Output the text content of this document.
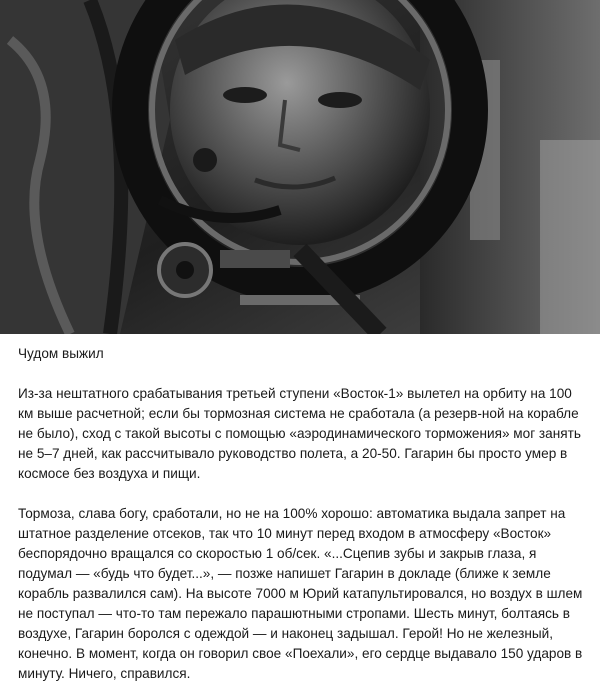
Чудом выжил

Из-за нештатного срабатывания третьей ступени «Восток-1» вылетел на орбиту на 100 км выше расчетной; если бы тормозная система не сработала (а резерв-ной на корабле не было), сход с такой высоты с помощью «аэродинамического торможения» мог занять не 5–7 дней, как рассчитывало руководство полета, а 20-50. Гагарин бы просто умер в космосе без воздуха и пищи.

Тормоза, слава богу, сработали, но не на 100% хорошо: автоматика выдала запрет на штатное разделение отсеков, так что 10 минут перед входом в атмосферу «Восток» беспорядочно вращался со скоростью 1 об/сек. «...Сцепив зубы и закрыв глаза, я подумал — «будь что будет...», — позже напишет Гагарин в докладе (ближе к земле корабль развалился сам). На высоте 7000 м Юрий катапультировался, но воздух в шлем не поступал — что-то там пережало парашютными стропами. Шесть минут, болтаясь в воздухе, Гагарин боролся с одеждой — и наконец задышал. Герой! Но не железный, конечно. В момент, когда он говорил свое «Поехали», его сердце выдавало 150 ударов в минуту. Ничего, справился.
